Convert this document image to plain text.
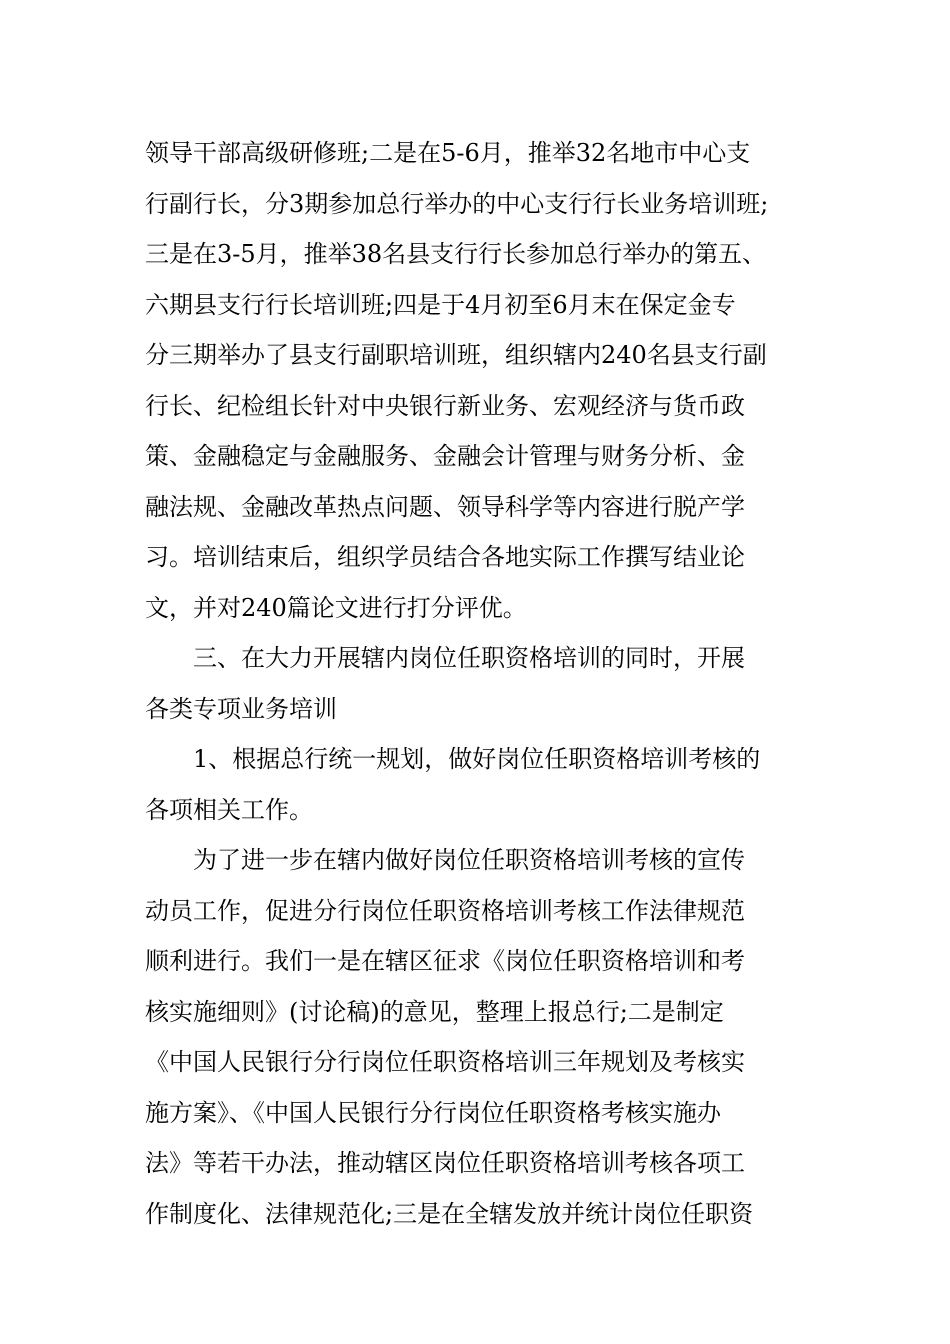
领导干部高级研修班;二是在5-6月，推举32名地市中心支
行副行长，分3期参加总行举办的中心支行行长业务培训班;
三是在3-5月，推举38名县支行行长参加总行举办的第五、
六期县支行行长培训班;四是于4月初至6月末在保定金专
分三期举办了县支行副职培训班，组织辖内240名县支行副
行长、纪检组长针对中央银行新业务、宏观经济与货币政
策、金融稳定与金融服务、金融会计管理与财务分析、金
融法规、金融改革热点问题、领导科学等内容进行脱产学
习。培训结束后，组织学员结合各地实际工作撰写结业论
文，并对240篇论文进行打分评优。
三、在大力开展辖内岗位任职资格培训的同时，开展
各类专项业务培训
1、根据总行统一规划，做好岗位任职资格培训考核的
各项相关工作。
为了进一步在辖内做好岗位任职资格培训考核的宣传
动员工作，促进分行岗位任职资格培训考核工作法律规范
顺利进行。我们一是在辖区征求《岗位任职资格培训和考
核实施细则》(讨论稿)的意见，整理上报总行;二是制定
《中国人民银行分行岗位任职资格培训三年规划及考核实
施方案》、《中国人民银行分行岗位任职资格考核实施办
法》等若干办法，推动辖区岗位任职资格培训考核各项工
作制度化、法律规范化;三是在全辖发放并统计岗位任职资
